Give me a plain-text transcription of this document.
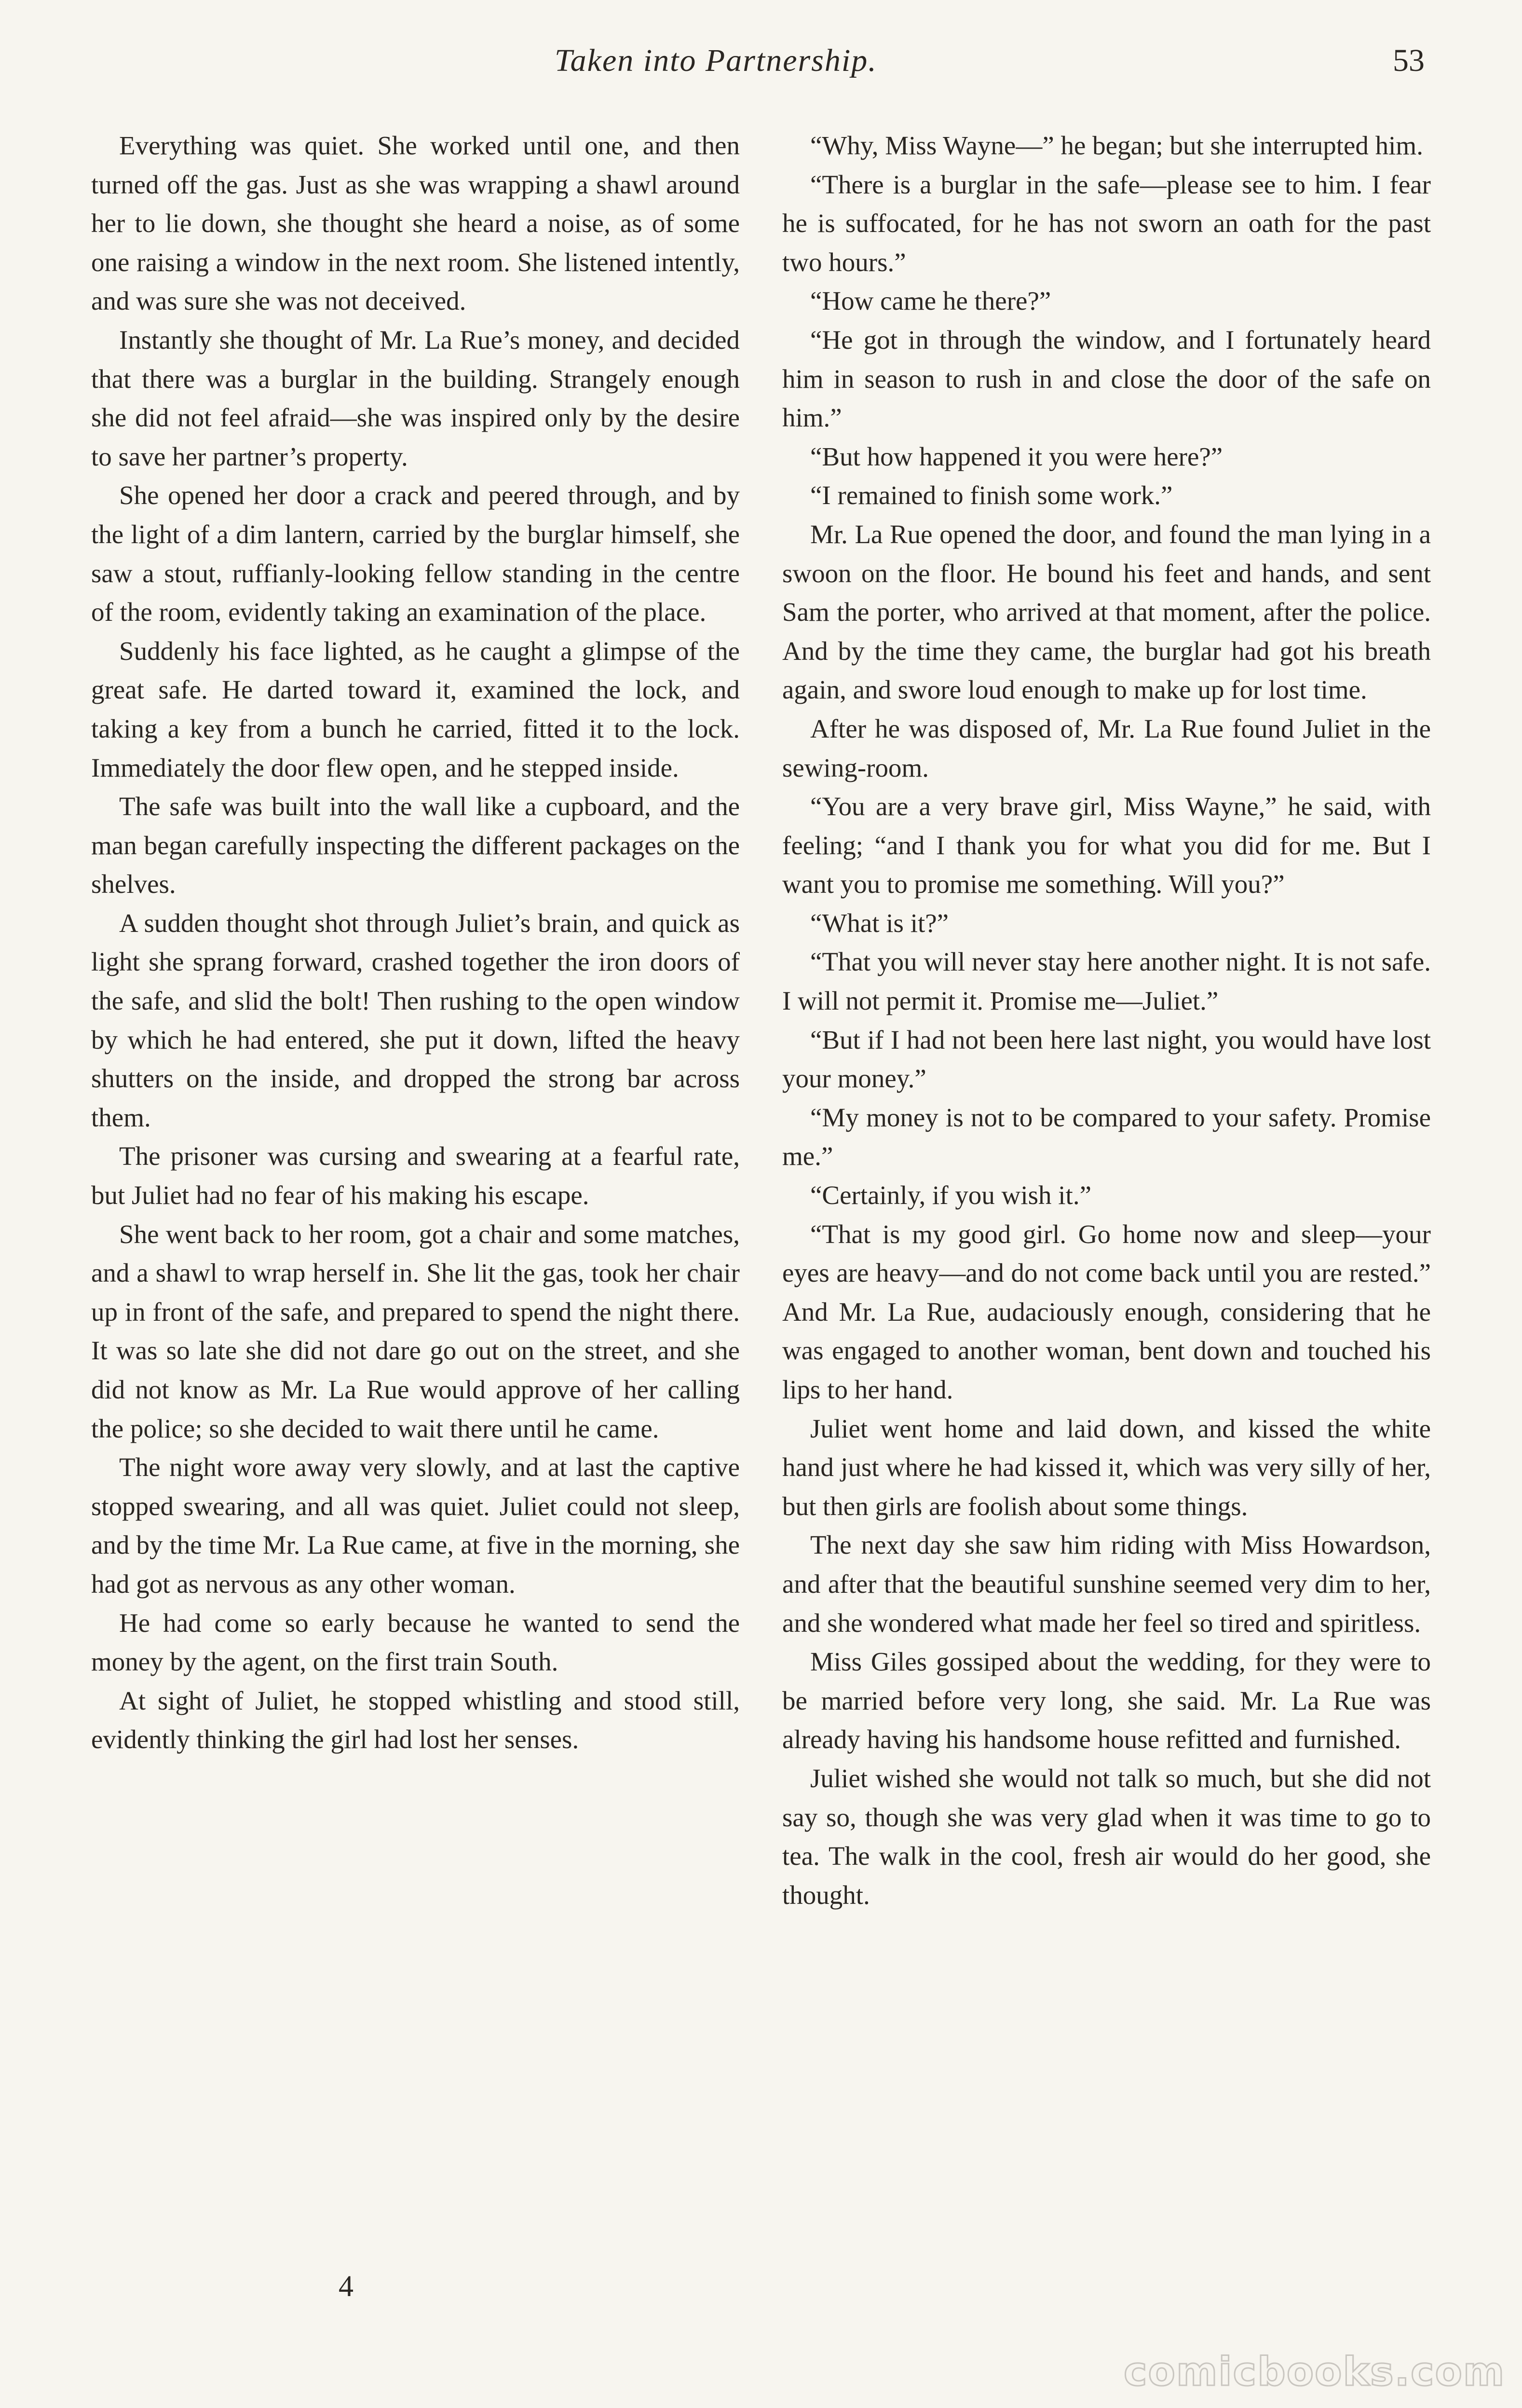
Taken into Partnership.	53

Everything was quiet. She worked until one, and then turned off the gas. Just as she was wrapping a shawl around her to lie down, she thought she heard a noise, as of some one raising a window in the next room. She listened intently, and was sure she was not deceived.

Instantly she thought of Mr. La Rue’s money, and decided that there was a burglar in the building. Strangely enough she did not feel afraid—she was inspired only by the desire to save her partner’s property.

She opened her door a crack and peered through, and by the light of a dim lantern, carried by the burglar himself, she saw a stout, ruffianly-looking fellow standing in the centre of the room, evidently taking an examination of the place.

Suddenly his face lighted, as he caught a glimpse of the great safe. He darted toward it, examined the lock, and taking a key from a bunch he carried, fitted it to the lock. Immediately the door flew open, and he stepped inside.

The safe was built into the wall like a cupboard, and the man began carefully inspecting the different packages on the shelves.

A sudden thought shot through Juliet’s brain, and quick as light she sprang forward, crashed together the iron doors of the safe, and slid the bolt! Then rushing to the open window by which he had entered, she put it down, lifted the heavy shutters on the inside, and dropped the strong bar across them.

The prisoner was cursing and swearing at a fearful rate, but Juliet had no fear of his making his escape.

She went back to her room, got a chair and some matches, and a shawl to wrap herself in. She lit the gas, took her chair up in front of the safe, and prepared to spend the night there. It was so late she did not dare go out on the street, and she did not know as Mr. La Rue would approve of her calling the police; so she decided to wait there until he came.

The night wore away very slowly, and at last the captive stopped swearing, and all was quiet. Juliet could not sleep, and by the time Mr. La Rue came, at five in the morning, she had got as nervous as any other woman.

He had come so early because he wanted to send the money by the agent, on the first train South.

At sight of Juliet, he stopped whistling and stood still, evidently thinking the girl had lost her senses.

“Why, Miss Wayne—” he began; but she interrupted him.

“There is a burglar in the safe—please see to him. I fear he is suffocated, for he has not sworn an oath for the past two hours.”

“How came he there?”

“He got in through the window, and I fortunately heard him in season to rush in and close the door of the safe on him.”

“But how happened it you were here?”

“I remained to finish some work.”

Mr. La Rue opened the door, and found the man lying in a swoon on the floor. He bound his feet and hands, and sent Sam the porter, who arrived at that moment, after the police. And by the time they came, the burglar had got his breath again, and swore loud enough to make up for lost time.

After he was disposed of, Mr. La Rue found Juliet in the sewing-room.

“You are a very brave girl, Miss Wayne,” he said, with feeling; “and I thank you for what you did for me. But I want you to promise me something. Will you?”

“What is it?”

“That you will never stay here another night. It is not safe. I will not permit it. Promise me—Juliet.”

“But if I had not been here last night, you would have lost your money.”

“My money is not to be compared to your safety. Promise me.”

“Certainly, if you wish it.”

“That is my good girl. Go home now and sleep—your eyes are heavy—and do not come back until you are rested.” And Mr. La Rue, audaciously enough, considering that he was engaged to another woman, bent down and touched his lips to her hand.

Juliet went home and laid down, and kissed the white hand just where he had kissed it, which was very silly of her, but then girls are foolish about some things.

The next day she saw him riding with Miss Howardson, and after that the beautiful sunshine seemed very dim to her, and she wondered what made her feel so tired and spiritless.

Miss Giles gossiped about the wedding, for they were to be married before very long, she said. Mr. La Rue was already having his handsome house refitted and furnished.

Juliet wished she would not talk so much, but she did not say so, though she was very glad when it was time to go to tea. The walk in the cool, fresh air would do her good, she thought.

4
comicbooks.com
